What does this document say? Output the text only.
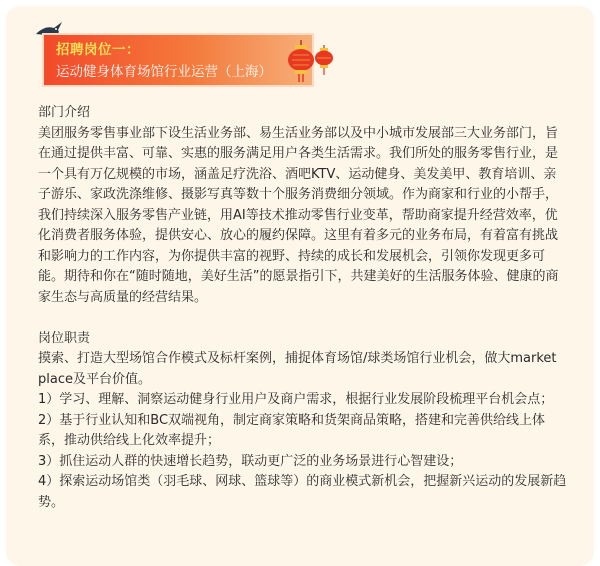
招聘岗位一：
运动健身体育场馆行业运营（上海）

部门介绍

美团服务零售事业部下设生活业务部、易生活业务部以及中小城市发展部三大业务部门，旨在通过提供丰富、可靠、实惠的服务满足用户各类生活需求。我们所处的服务零售行业，是一个具有万亿规模的市场，涵盖足疗洗浴、酒吧KTV、运动健身、美发美甲、教育培训、亲子游乐、家政洗涤维修、摄影写真等数十个服务消费细分领域。作为商家和行业的小帮手，我们持续深入服务零售产业链，用AI等技术推动零售行业变革，帮助商家提升经营效率，优化消费者服务体验，提供安心、放心的履约保障。这里有着多元的业务布局，有着富有挑战和影响力的工作内容，为你提供丰富的视野、持续的成长和发展机会，引领你发现更多可能。期待和你在“随时随地，美好生活”的愿景指引下，共建美好的生活服务体验、健康的商家生态与高质量的经营结果。

岗位职责

摸索、打造大型场馆合作模式及标杆案例，捕捉体育场馆/球类场馆行业机会，做大market place及平台价值。

1）学习、理解、洞察运动健身行业用户及商户需求，根据行业发展阶段梳理平台机会点；

2）基于行业认知和BC双端视角，制定商家策略和货架商品策略，搭建和完善供给线上体系，推动供给线上化效率提升；

3）抓住运动人群的快速增长趋势，联动更广泛的业务场景进行心智建设；

4）探索运动场馆类（羽毛球、网球、篮球等）的商业模式新机会，把握新兴运动的发展新趋势。
